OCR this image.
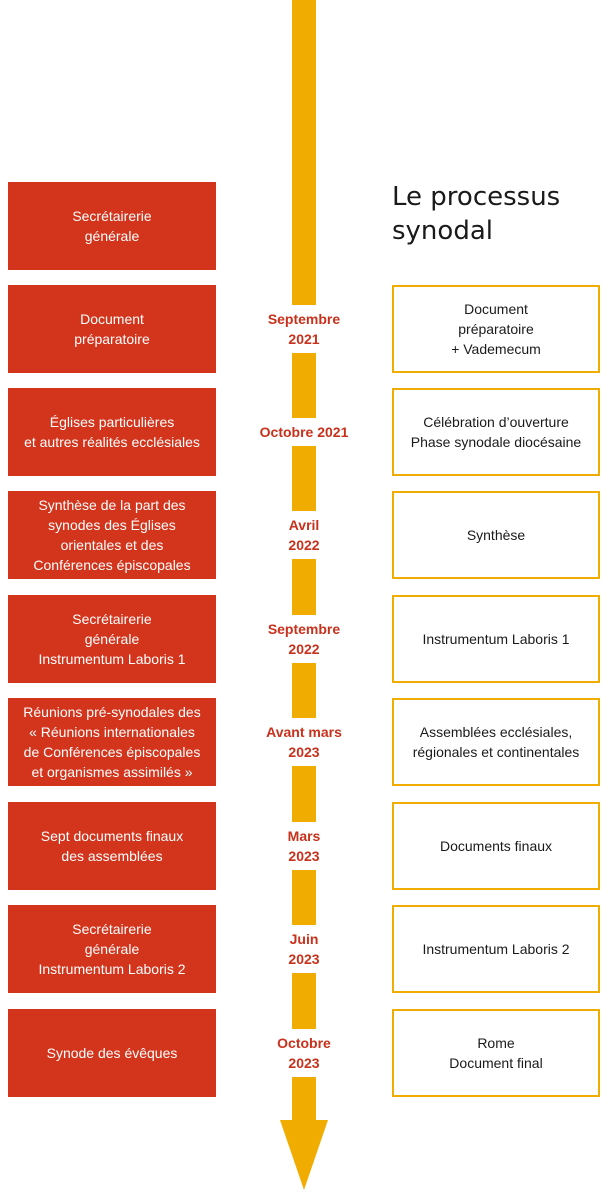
Le processus
synodal
Secrétairerie
générale
Document
préparatoire
Document
préparatoire
+ Vademecum
Septembre
2021
Églises particulières
et autres réalités ecclésiales
Célébration d’ouverture
Phase synodale diocésaine
Octobre 2021
Synthèse de la part des
synodes des Églises
orientales et des
Conférences épiscopales
Synthèse
Avril
2022
Secrétairerie
générale
Instrumentum Laboris 1
Instrumentum Laboris 1
Septembre
2022
Réunions pré-synodales des
« Réunions internationales
de Conférences épiscopales
et organismes assimilés »
Assemblées ecclésiales,
régionales et continentales
Avant mars
2023
Sept documents finaux
des assemblées
Documents finaux
Mars
2023
Secrétairerie
générale
Instrumentum Laboris 2
Instrumentum Laboris 2
Juin
2023
Synode des évêques
Rome
Document final
Octobre
2023
